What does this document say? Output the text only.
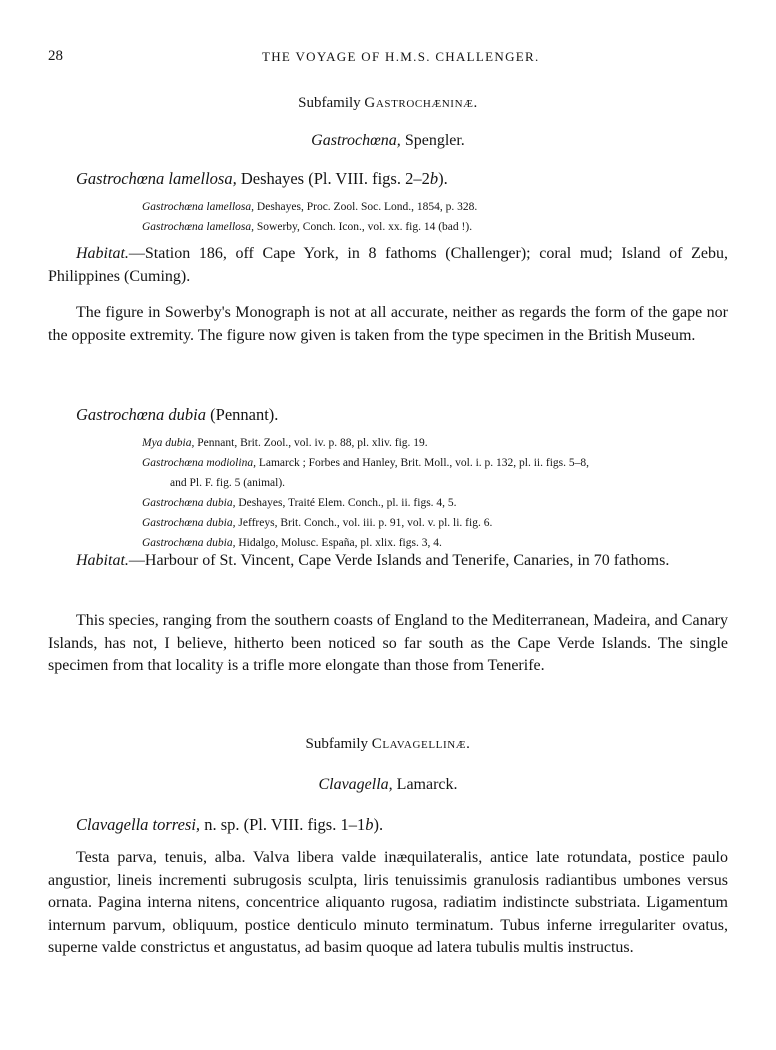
28	THE VOYAGE OF H.M.S. CHALLENGER.
Subfamily Gastrochæninæ.
Gastrochœna, Spengler.
Gastrochœna lamellosa, Deshayes (Pl. VIII. figs. 2–2b).

Gastrochœna lamellosa, Deshayes, Proc. Zool. Soc. Lond., 1854, p. 328.

Gastrochœna lamellosa, Sowerby, Conch. Icon., vol. xx. fig. 14 (bad !).

Habitat.—Station 186, off Cape York, in 8 fathoms (Challenger); coral mud; Island of Zebu, Philippines (Cuming).

The figure in Sowerby's Monograph is not at all accurate, neither as regards the form of the gape nor the opposite extremity. The figure now given is taken from the type specimen in the British Museum.

Gastrochœna dubia (Pennant).

Mya dubia, Pennant, Brit. Zool., vol. iv. p. 88, pl. xliv. fig. 19.

Gastrochœna modiolina, Lamarck ; Forbes and Hanley, Brit. Moll., vol. i. p. 132, pl. ii. figs. 5–8,

and Pl. F. fig. 5 (animal).

Gastrochœna dubia, Deshayes, Traité Elem. Conch., pl. ii. figs. 4, 5.

Gastrochœna dubia, Jeffreys, Brit. Conch., vol. iii. p. 91, vol. v. pl. li. fig. 6.

Gastrochœna dubia, Hidalgo, Molusc. España, pl. xlix. figs. 3, 4.

Habitat.—Harbour of St. Vincent, Cape Verde Islands and Tenerife, Canaries, in 70 fathoms.

This species, ranging from the southern coasts of England to the Mediterranean, Madeira, and Canary Islands, has not, I believe, hitherto been noticed so far south as the Cape Verde Islands. The single specimen from that locality is a trifle more elongate than those from Tenerife.

Subfamily Clavagellinæ.
Clavagella, Lamarck.
Clavagella torresi, n. sp. (Pl. VIII. figs. 1–1b).

Testa parva, tenuis, alba. Valva libera valde inæquilateralis, antice late rotundata, postice paulo angustior, lineis incrementi subrugosis sculpta, liris tenuissimis granulosis radiantibus umbones versus ornata. Pagina interna nitens, concentrice aliquanto rugosa, radiatim indistincte substriata. Ligamentum internum parvum, obliquum, postice denticulo minuto terminatum. Tubus inferne irregulariter ovatus, superne valde constrictus et angustatus, ad basim quoque ad latera tubulis multis instructus.
